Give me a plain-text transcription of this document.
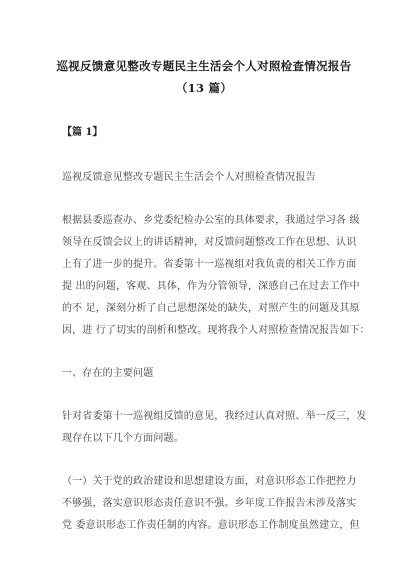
巡视反馈意见整改专题民主生活会个人对照检查情况报告
（13 篇）
【篇 1】
巡视反馈意见整改专题民主生活会个人对照检查情况报告
根据县委巡查办、乡党委纪检办公室的具体要求，我通过学习各 级
领导在反馈会议上的讲话精神，对反馈问题整改工作在思想、认识
上有了进一步的提升。省委第十一巡视组对我负责的相关工作方面
提 出的问题，客观、具体，作为分管领导，深感自己在过去工作中
的不 足，深刻分析了自己思想深处的缺失，对照产生的问题及其原
因，进 行了切实的剖析和整改。现将我个人对照检查情况报告如下：
一、存在的主要问题
针对省委第十一巡视组反馈的意见，我经过认真对照、举一反三，发
现存在以下几个方面问题。
（一）关于党的政治建设和思想建设方面，对意识形态工作把控力
不够强，落实意识形态责任意识不强。乡年度工作报告未涉及落实
党 委意识形态工作责任制的内容。意识形态工作制度虽然建立，但
